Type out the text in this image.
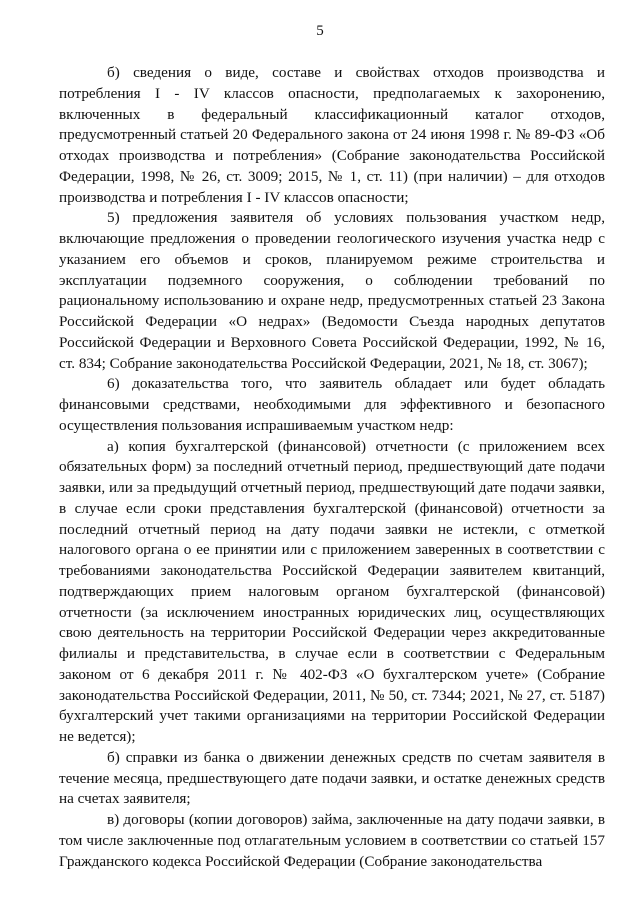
5

б) сведения о виде, составе и свойствах отходов производства и потребления I - IV классов опасности, предполагаемых к захоронению, включенных в федеральный классификационный каталог отходов, предусмотренный статьей 20 Федерального закона от 24 июня 1998 г. № 89-ФЗ «Об отходах производства и потребления» (Собрание законодательства Российской Федерации, 1998, № 26, ст. 3009; 2015, № 1, ст. 11) (при наличии) – для отходов производства и потребления I - IV классов опасности;

5) предложения заявителя об условиях пользования участком недр, включающие предложения о проведении геологического изучения участка недр с указанием его объемов и сроков, планируемом режиме строительства и эксплуатации подземного сооружения, о соблюдении требований по рациональному использованию и охране недр, предусмотренных статьей 23 Закона Российской Федерации «О недрах» (Ведомости Съезда народных депутатов Российской Федерации и Верховного Совета Российской Федерации, 1992, № 16, ст. 834; Собрание законодательства Российской Федерации, 2021, № 18, ст. 3067);

6) доказательства того, что заявитель обладает или будет обладать финансовыми средствами, необходимыми для эффективного и безопасного осуществления пользования испрашиваемым участком недр:

а) копия бухгалтерской (финансовой) отчетности (с приложением всех обязательных форм) за последний отчетный период, предшествующий дате подачи заявки, или за предыдущий отчетный период, предшествующий дате подачи заявки, в случае если сроки представления бухгалтерской (финансовой) отчетности за последний отчетный период на дату подачи заявки не истекли, с отметкой налогового органа о ее принятии или с приложением заверенных в соответствии с требованиями законодательства Российской Федерации заявителем квитанций, подтверждающих прием налоговым органом бухгалтерской (финансовой) отчетности (за исключением иностранных юридических лиц, осуществляющих свою деятельность на территории Российской Федерации через аккредитованные филиалы и представительства, в случае если в соответствии с Федеральным законом от 6 декабря 2011 г. № 402-ФЗ «О бухгалтерском учете» (Собрание законодательства Российской Федерации, 2011, № 50, ст. 7344; 2021, № 27, ст. 5187) бухгалтерский учет такими организациями на территории Российской Федерации не ведется);

б) справки из банка о движении денежных средств по счетам заявителя в течение месяца, предшествующего дате подачи заявки, и остатке денежных средств на счетах заявителя;

в) договоры (копии договоров) займа, заключенные на дату подачи заявки, в том числе заключенные под отлагательным условием в соответствии со статьей 157 Гражданского кодекса Российской Федерации (Собрание законодательства
